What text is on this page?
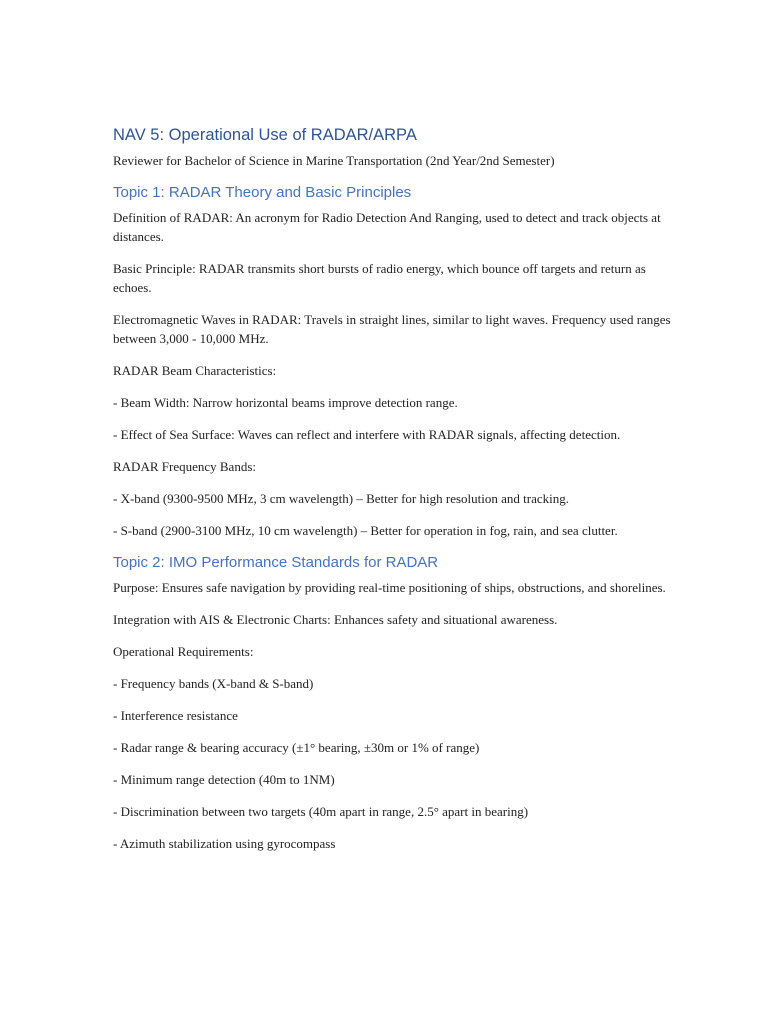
NAV 5: Operational Use of RADAR/ARPA
Reviewer for Bachelor of Science in Marine Transportation (2nd Year/2nd Semester)
Topic 1: RADAR Theory and Basic Principles
Definition of RADAR: An acronym for Radio Detection And Ranging, used to detect and track objects at distances.
Basic Principle: RADAR transmits short bursts of radio energy, which bounce off targets and return as echoes.
Electromagnetic Waves in RADAR: Travels in straight lines, similar to light waves. Frequency used ranges between 3,000 - 10,000 MHz.
RADAR Beam Characteristics:
- Beam Width: Narrow horizontal beams improve detection range.
- Effect of Sea Surface: Waves can reflect and interfere with RADAR signals, affecting detection.
RADAR Frequency Bands:
- X-band (9300-9500 MHz, 3 cm wavelength) – Better for high resolution and tracking.
- S-band (2900-3100 MHz, 10 cm wavelength) – Better for operation in fog, rain, and sea clutter.
Topic 2: IMO Performance Standards for RADAR
Purpose: Ensures safe navigation by providing real-time positioning of ships, obstructions, and shorelines.
Integration with AIS & Electronic Charts: Enhances safety and situational awareness.
Operational Requirements:
- Frequency bands (X-band & S-band)
- Interference resistance
- Radar range & bearing accuracy (±1° bearing, ±30m or 1% of range)
- Minimum range detection (40m to 1NM)
- Discrimination between two targets (40m apart in range, 2.5° apart in bearing)
- Azimuth stabilization using gyrocompass
